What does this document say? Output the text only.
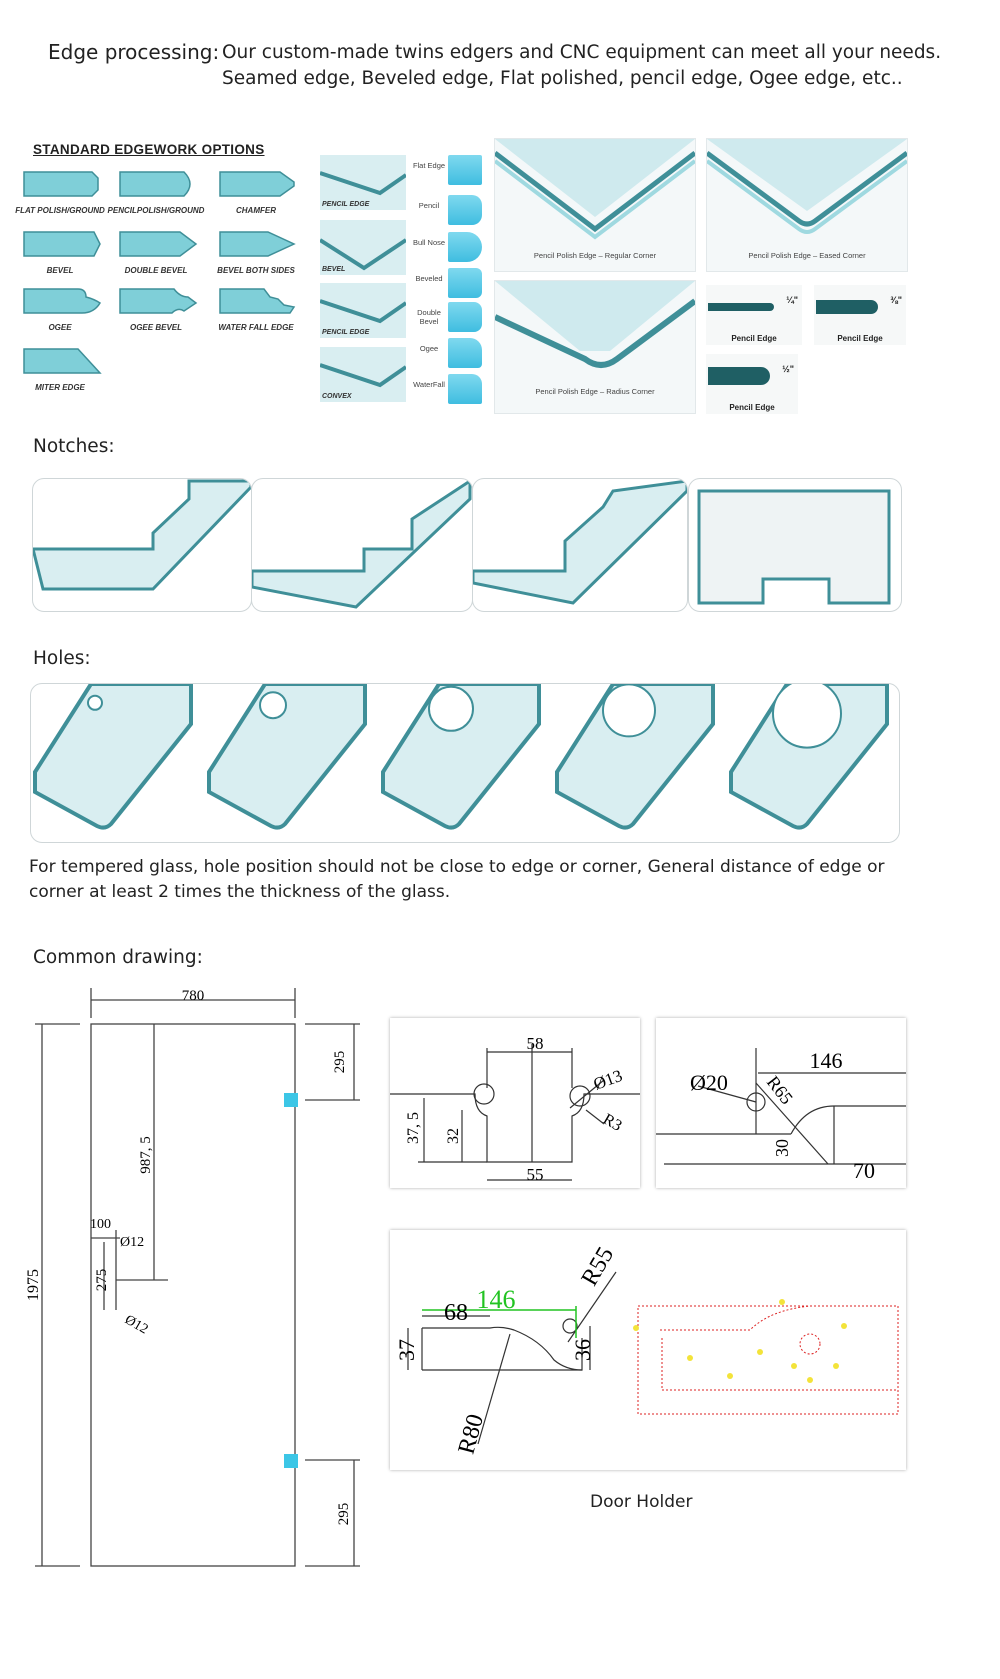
Edge processing: Our custom-made twins edgers and CNC equipment can meet all your needs.
Seamed edge, Beveled edge, Flat polished, pencil edge, Ogee edge, etc..
STANDARD EDGEWORK OPTIONS
FLAT POLISH/GROUND PENCILPOLISH/GROUND	CHAMFER
BEVEL	DOUBLE BEVEL	BEVEL BOTH SIDES
OGEE	OGEE BEVEL	WATER FALL EDGE
MITER EDGE
PENCIL EDGE
BEVEL
PENCIL EDGE
CONVEX
Flat Edge
Pencil
Bull Nose
Beveled
Double Bevel
Ogee
WaterFall
Pencil Polish Edge – Regular Corner	Pencil Polish Edge – Eased Corner
Pencil Polish Edge – Radius Corner
¼"
Pencil Edge
⅜"
Pencil Edge
½"
Pencil Edge
Notches:
Holes:
For tempered glass, hole position should not be close to edge or corner, General distance of edge or
corner at least 2 times the thickness of the glass.
Common drawing:
780
1975
295
295
987, 5
275
100
Ø12
Ø12
58
55
37, 5 32
Ø13
R3
Ø20 R65
146
30
70
68 146
37	36
R55
R80
Door Holder
